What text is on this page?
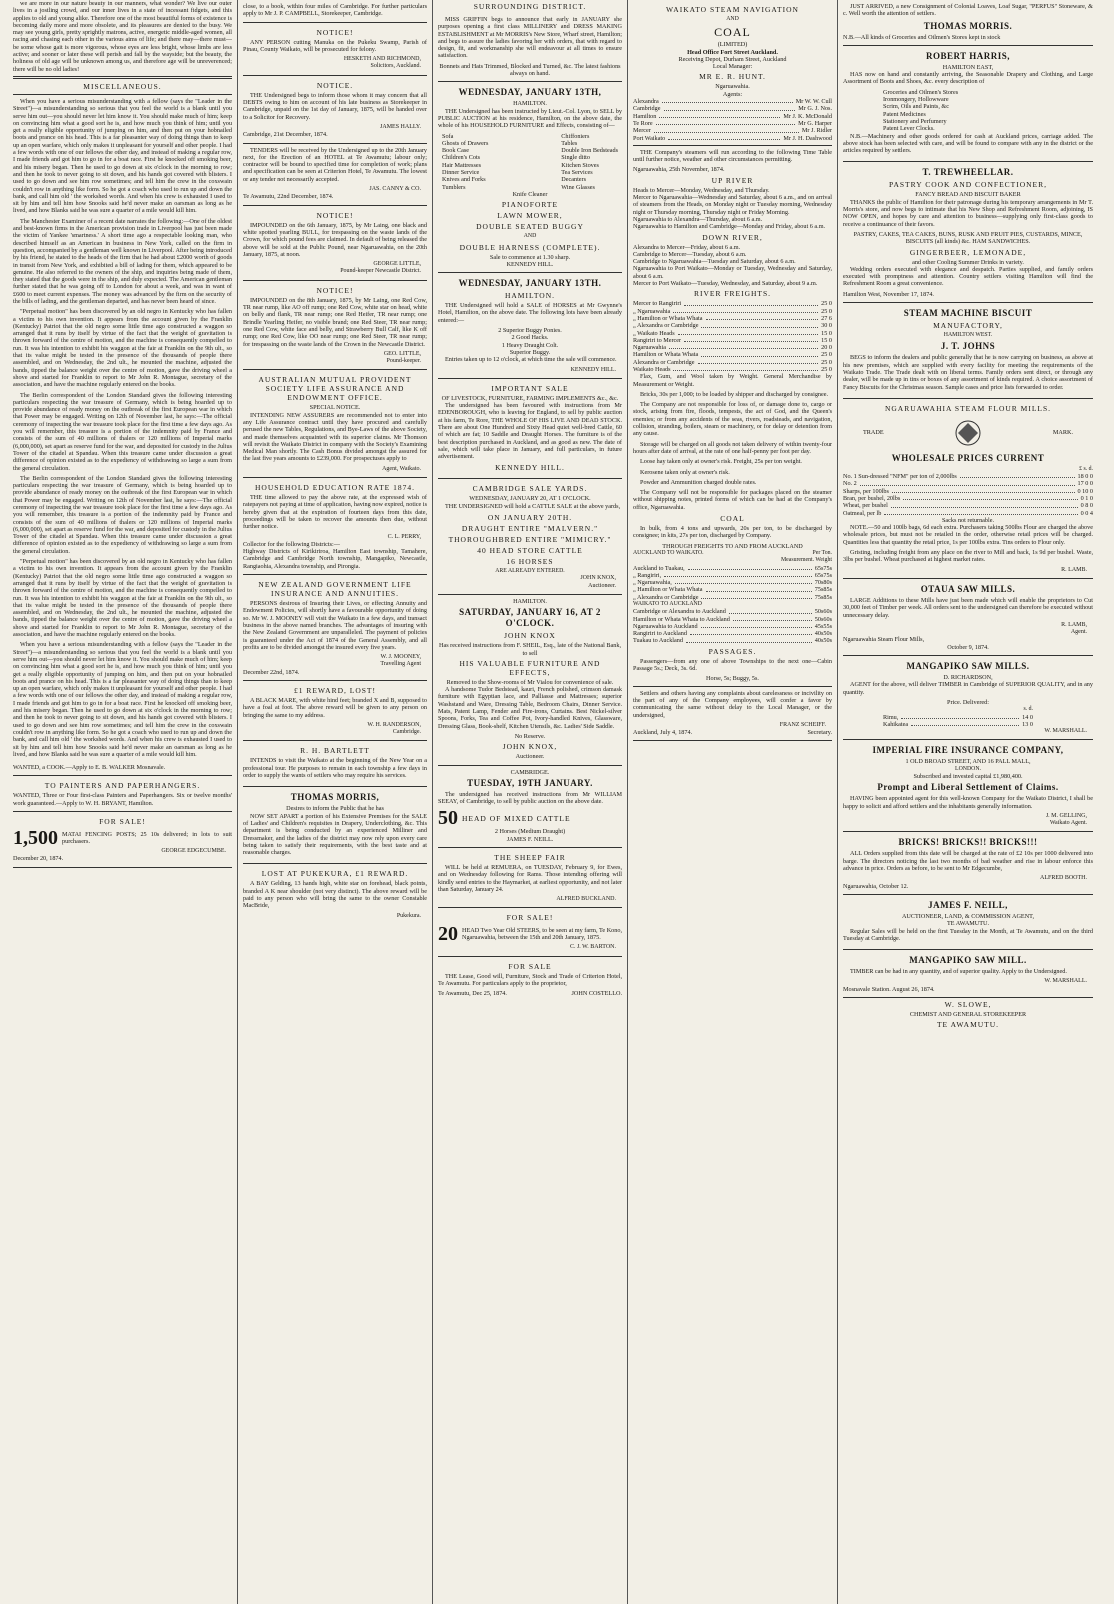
we are more in our nature beauty in our manners, what wonder? We live our outer lives in a jostling crowd, and our inner lives in a state of incessant fidgets, and this applies to old and young alike. Therefore one of the most beautiful forms of existence is becoming daily more and more obsolete, and its pleasures are denied to the busy. We may see young girls, pretty sprightly matrons, active, energetic middle-aged women, all racing and chasing each other in the various aims of life; and there may—there must—be some whose gait is more vigorous, whose eyes are less bright, whose limbs are less active; and sooner or later these will perish and fall by the wayside; but the beauty, the holiness of old age will be unknown among us, and therefore age will be unreverenced; there will be no old ladies!

MISCELLANEOUS.

When you have a serious misunderstanding with a fellow (says the "Leader in the Street")—a misunderstanding so serious that you feel the world is a blank until you serve him out—you should never let him know it. You should make much of him; keep on convincing him what a good sort he is, and how much you think of him; until you get a really eligible opportunity of jumping on him, and then put on your hobnailed boots and prance on his head. This is a far pleasanter way of doing things than to keep up an open warfare, which only makes it unpleasant for yourself and other people. I had a few words with one of our fellows the other day, and instead of making a regular row, I made friends and got him to go in for a boat race. First he knocked off smoking beer, and his misery began. Then he used to go down at six o'clock in the morning to row; and then he took to never going to sit down, and his hands got covered with blisters. I used to go down and see him row sometimes; and tell him the crew in the coxswain couldn't row in anything like form. So he got a coach who used to run up and down the bank, and call him old ' the workshed words. And when his crew is exhausted I used to sit by him and tell him how Snooks said he'd never make an oarsman as long as he lived, and how Blanks said he was sure a quarter of a mile would kill him.

The Manchester Examiner of a recent date narrates the following:—One of the oldest and best-known firms in the American provision trade in Liverpool has just been made the victim of Yankee 'smartness.' A short time ago a respectable looking man, who described himself as an American in business in New York, called on the firm in question, accompanied by a gentleman well known in Liverpool. After being introduced by his friend, he stated to the heads of the firm that he had about £2000 worth of goods in transit from New York, and exhibited a bill of lading for them, which appeared to be genuine. He also referred to the owners of the ship, and inquiries being made of them, they stated that the goods were in the ship, and duly expected. The American gentleman further stated that he was going off to London for about a week, and was in want of £600 to meet current expenses. The money was advanced by the firm on the security of the bills of lading, and the gentleman departed, and has never been heard of since.

"Perpetual motion" has been discovered by an old negro in Kentucky who has fallen a victim to his own invention. It appears from the account given by the Franklin (Kentucky) Patriot that the old negro some little time ago constructed a waggon so arranged that it runs by itself by virtue of the fact that the weight of gravitation is thrown forward of the centre of motion, and the machine is consequently compelled to run. It was his intention to exhibit his waggon at the fair at Franklin on the 9th ult., so that its value might be tested in the presence of the thousands of people there assembled, and on Wednesday, the 2nd ult., he mounted the machine, adjusted the bands, tipped the balance weight over the centre of motion, gave the driving wheel a shove and started for Franklin to report to Mr John R. Montague, secretary of the association, and have the machine regularly entered on the books.

The Berlin correspondent of the London Standard gives the following interesting particulars respecting the war treasure of Germany, which is being hoarded up to provide abundance of ready money on the outbreak of the first European war in which that Power may be engaged. Writing on 12th of November last, he says:—The official ceremony of inspecting the war treasure took place for the first time a few days ago. As you will remember, this treasure is a portion of the indemnity paid by France and consists of the sum of 40 millions of thalers or 120 millions of Imperial marks (6,000,000), set apart as reserve fund for the war, and deposited for custody in the Julius Tower of the citadel at Spandau. When this treasure came under discussion a great difference of opinion existed as to the expediency of withdrawing so large a sum from the general circulation.

The Berlin correspondent of the London Standard gives the following interesting particulars respecting the war treasure of Germany, which is being hoarded up to provide abundance of ready money on the outbreak of the first European war in which that Power may be engaged. Writing on 12th of November last, he says:—The official ceremony of inspecting the war treasure took place for the first time a few days ago. As you will remember, this treasure is a portion of the indemnity paid by France and consists of the sum of 40 millions of thalers or 120 millions of Imperial marks (6,000,000), set apart as reserve fund for the war, and deposited for custody in the Julius Tower of the citadel at Spandau. When this treasure came under discussion a great difference of opinion existed as to the expediency of withdrawing so large a sum from the general circulation.

"Perpetual motion" has been discovered by an old negro in Kentucky who has fallen a victim to his own invention. It appears from the account given by the Franklin (Kentucky) Patriot that the old negro some little time ago constructed a waggon so arranged that it runs by itself by virtue of the fact that the weight of gravitation is thrown forward of the centre of motion, and the machine is consequently compelled to run. It was his intention to exhibit his waggon at the fair at Franklin on the 9th ult., so that its value might be tested in the presence of the thousands of people there assembled, and on Wednesday, the 2nd ult., he mounted the machine, adjusted the bands, tipped the balance weight over the centre of motion, gave the driving wheel a shove and started for Franklin to report to Mr John R. Montague, secretary of the association, and have the machine regularly entered on the books.

When you have a serious misunderstanding with a fellow (says the "Leader in the Street")—a misunderstanding so serious that you feel the world is a blank until you serve him out—you should never let him know it. You should make much of him; keep on convincing him what a good sort he is, and how much you think of him; until you get a really eligible opportunity of jumping on him, and then put on your hobnailed boots and prance on his head. This is a far pleasanter way of doing things than to keep up an open warfare, which only makes it unpleasant for yourself and other people. I had a few words with one of our fellows the other day, and instead of making a regular row, I made friends and got him to go in for a boat race. First he knocked off smoking beer, and his misery began. Then he used to go down at six o'clock in the morning to row; and then he took to never going to sit down, and his hands got covered with blisters. I used to go down and see him row sometimes; and tell him the crew in the coxswain couldn't row in anything like form. So he got a coach who used to run up and down the bank, and call him old ' the workshed words. And when his crew is exhausted I used to sit by him and tell him how Snooks said he'd never make an oarsman as long as he lived, and how Blanks said he was sure a quarter of a mile would kill him.

WANTED, a COOK.—Apply to E. B. WALKER Mosnavale.
TO PAINTERS AND PAPERHANGERS.
WANTED, Three or Four first-class Painters and Paperhangers. Six or twelve months' work guaranteed.—Apply to W. H. BRYANT, Hamilton.
FOR SALE!
1,500 MATAI FENCING POSTS; 25 10s delivered; in lots to suit purchasers.
GEORGE EDGECUMBE.
December 20, 1874.
close, to a book, within four miles of Cambridge. For further particulars apply to Mr J. P. CAMPBELL, Storekeeper, Cambridge.
NOTICE!

ANY PERSON cutting Manuka on the Pukeku Swamp, Parish of Pinau, County Waikato, will be prosecuted for felony.

HESKETH AND RICHMOND,
Solicitors, Auckland.
NOTICE.

THE Undersigned begs to inform those whom it may concern that all DEBTS owing to him on account of his late business as Storekeeper in Cambridge, unpaid on the 1st day of January, 1875, will be handed over to a Solicitor for Recovery.

JAMES HALLY.
Cambridge, 21st December, 1874.

TENDERS will be received by the Undersigned up to the 20th January next, for the Erection of an HOTEL at Te Awamutu; labour only; contractor will be bound to specified time for completion of work; plans and specification can be seen at Criterion Hotel, Te Awamutu. The lowest or any tender not necessarily accepted.

JAS. CANNY & CO.
Te Awamutu, 22nd December, 1874.
NOTICE!

IMPOUNDED on the 6th January, 1875, by Mr Laing, one black and white spotted yearling BULL, for trespassing on the waste lands of the Crown, for which pound fees are claimed. In default of being released the above will be sold at the Public Pound, near Ngaruawahia, on the 20th January, 1875, at noon.

GEORGE LITTLE,
Pound-keeper Newcastle District.
NOTICE!

IMPOUNDED on the 8th January, 1875, by Mr Laing, one Red Cow, TR near rump, like AO off rump; one Red Cow, white star on head, white on belly and flank, TR near rump; one Red Heifer, TR near rump; one Brindle Yearling Heifer, no visible brand; one Red Steer, TR near rump; one Red Cow, white face and belly, and Strawberry Bull Calf, like K off rump; one Red Cow, like OO near rump; one Red Steer, TR near rump; for trespassing on the waste lands of the Crown in the Newcastle District.

GEO. LITTLE,
Pound-keeper.
AUSTRALIAN MUTUAL PROVIDENT SOCIETY LIFE ASSURANCE AND ENDOWMENT OFFICE.
SPECIAL NOTICE.

INTENDING NEW ASSURERS are recommended not to enter into any Life Assurance contract until they have procured and carefully perused the new Tables, Regulations, and Bye-Laws of the above Society, and made themselves acquainted with its superior claims. Mr Thomson will revisit the Waikato District in company with the Society's Examining Medical Man shortly. The Cash Bonus divided amongst the assured for the last five years amounts to £239,000. For prospectuses apply to

Agent, Waikato.
HOUSEHOLD EDUCATION RATE 1874.

THE time allowed to pay the above rate, at the expressed wish of ratepayers not paying at time of application, having now expired, notice is hereby given that at the expiration of fourteen days from this date, proceedings will be taken to recover the amounts then due, without further notice.

C. L. PERRY,
Collector for the following Districts:—
Highway Districts of Kirikiriroa, Hamilton East township, Tamahere, Cambridge and Cambridge North township, Mangapiko, Newcastle, Rangiaohia, Alexandra township, and Pirongia.
NEW ZEALAND GOVERNMENT LIFE INSURANCE AND ANNUITIES.

PERSONS desirous of Insuring their Lives, or effecting Annuity and Endowment Policies, will shortly have a favourable opportunity of doing so. Mr W. J. MOONEY will visit the Waikato in a few days, and transact business in the above named branches. The advantages of insuring with the New Zealand Government are unparalleled. The payment of policies is guaranteed under the Act of 1874 of the General Assembly, and all profits are to be divided amongst the insured every five years.

W. J. MOONEY,
Travelling Agent
December 22nd, 1874.
£1 REWARD, LOST!

A BLACK MARE, with white hind feet; branded X and B, supposed to have a foal at foot. The above reward will be given to any person on bringing the same to my address.

W. H. RANDERSON,
Cambridge.
R. H. BARTLETT

INTENDS to visit the Waikato at the beginning of the New Year on a professional tour. He purposes to remain in each township a few days in order to supply the wants of settlers who may require his services.

THOMAS MORRIS,
Desires to inform the Public that he has

NOW SET APART a portion of his Extensive Premises for the SALE of Ladies' and Children's requisites in Drapery, Underclothing, &c. This department is being conducted by an experienced Milliner and Dressmaker, and the ladies of the district may now rely upon every care being taken to satisfy their requirements, with the best taste and at reasonable charges.

LOST AT PUKEKURA, £1 REWARD.

A BAY Gelding, 13 hands high, white star on forehead, black points, branded A K near shoulder (not very distinct). The above reward will be paid to any person who will bring the same to the owner Constable MacBride,

Pukekura.
SURROUNDING DISTRICT.

MISS GRIFFIN begs to announce that early in JANUARY she purposes opening a first class MILLINERY and DRESS MAKING ESTABLISHMENT at Mr MORRIS's New Store, Wharf street, Hamilton; and begs to assure the ladies favoring her with orders, that with regard to design, fit, and workmanship she will endeavour at all times to ensure satisfaction.

Bonnets and Hats Trimmed, Blocked and Turned, &c. The latest fashions always on hand.
WEDNESDAY, JANUARY 13TH,
HAMILTON.

THE Undersigned has been instructed by Lieut.-Col. Lyon, to SELL by PUBLIC AUCTION at his residence, Hamilton, on the above date, the whole of his HOUSEHOLD FURNITURE and Effects, consisting of—

Sofa
Ghosts of Drawers
Book Case
Children's Cots
Hair Mattresses
Dinner Service
Knives and Forks
Tumblers
Chiffoniers
Tables
Double Iron Bedsteads
Single ditto
Kitchen Stoves
Tea Services
Decanters
Wine Glasses
Knife Cleaner
PIANOFORTE
LAWN MOWER,
DOUBLE SEATED BUGGY
AND
DOUBLE HARNESS (COMPLETE).
Sale to commence at 1.30 sharp.
KENNEDY HILL.
WEDNESDAY, JANUARY 13TH.
HAMILTON.

THE Undersigned will hold a SALE of HORSES at Mr Gwynne's Hotel, Hamilton, on the above date. The following lots have been already entered:—

2 Superior Buggy Ponies.
2 Good Hacks.
1 Heavy Draught Colt.
Superior Buggy.

Entries taken up to 12 o'clock, at which time the sale will commence.

KENNEDY HILL.
IMPORTANT SALE
OF LIVESTOCK, FURNITURE, FARMING IMPLEMENTS &c., &c.

The undersigned has been favoured with instructions from Mr EDENBOROUGH, who is leaving for England, to sell by public auction at his farm, Te Rore, THE WHOLE OF HIS LIVE AND DEAD STOCK. There are about One Hundred and Sixty Head quiet well-bred Cattle, 60 of which are fat; 10 Saddle and Draught Horses. The furniture is of the best description purchased in Auckland, and as good as new. The date of sale, which will take place in January, and full particulars, in future advertisement.

KENNEDY HILL.
CAMBRIDGE SALE YARDS.
WEDNESDAY, JANUARY 20, AT 1 O'CLOCK.

THE UNDERSIGNED will hold a CATTLE SALE at the above yards,

ON JANUARY 20TH.
DRAUGHT ENTIRE "MALVERN."
THOROUGHBRED ENTIRE "MIMICRY."
40 HEAD STORE CATTLE
16 HORSES
ARE ALREADY ENTERED.
JOHN KNOX,
Auctioneer.
HAMILTON.
SATURDAY, JANUARY 16, AT 2 O'CLOCK.
JOHN KNOX
Has received instructions from F. SHEIL, Esq., late of the National Bank, to sell
HIS VALUABLE FURNITURE AND EFFECTS,
Removed to the Show-rooms of Mr Vialou for convenience of sale.

A handsome Tudor Bedstead, kauri, French polished, crimson damask furniture with Egyptian lace, and Palliasse and Mattresses; superior Washstand and Ware, Dressing Table, Bedroom Chairs, Dinner Service. Mats, Patent Lamp, Fender and Fire-irons, Curtains. Best Nickel-silver Spoons, Forks, Tea and Coffee Pot, Ivory-handled Knives, Glassware, Dressing Glass, Book-shelf, Kitchen Utensils, &c. Ladies' Side Saddle.

No Reserve.
JOHN KNOX,
Auctioneer.
CAMBRIDGE.
TUESDAY, 19TH JANUARY.

The undersigned has received instructions from Mr WILLIAM SEEAY, of Cambridge, to sell by public auction on the above date.

50 HEAD OF MIXED CATTLE
2 Horses (Medium Draught)
JAMES F. NEILL.
THE SHEEP FAIR

WILL be held at REMUERA, on TUESDAY, February 9, for Ewes, and on Wednesday following for Rams. Those intending offering will kindly send entries to the Haymarket, at earliest opportunity, and not later than Saturday, January 24.

ALFRED BUCKLAND.
FOR SALE!
20 HEAD Two Year Old STEERS, to be seen at my farm, Te Kono, Ngaruawahia, between the 15th and 20th January, 1875.
C. J. W. BARTON.
FOR SALE

THE Lease, Good will, Furniture, Stock and Trade of Criterion Hotel, Te Awamutu. For particulars apply to the proprietor,

Te Awamutu, Dec 25, 1874.	JOHN COSTELLO.
WAIKATO STEAM NAVIGATION
AND
COAL
(LIMITED)
Head Office Fort Street Auckland.
Receiving Depot, Durham Street, Auckland
Local Manager:
MR E. R. HUNT.
Ngaruawahia.
Agents:
Alexandra	Mr W. W. Cull
Cambridge	Mr G. J. Nos.
Hamilton	Mr J. K. McDonald
Te Rore	Mr G. Harper
Mercer	Mr J. Ridler
Port Waikato	Mr J. H. Dashwood

THE Company's steamers will run according to the following Time Table until further notice, weather and other circumstances permitting.

Ngaruawahia, 25th November, 1874.
UP RIVER
Heads to Mercer—Monday, Wednesday, and Thursday.
Mercer to Ngaruawahia—Wednesday and Saturday, about 6 a.m., and on arrival of steamers from the Heads, on Monday night or Tuesday morning, Wednesday night or Thursday morning, Thursday night or Friday Morning.
Ngaruawahia to Alexandra—Thursday, about 6 a.m.
Ngaruawahia to Hamilton and Cambridge—Monday and Friday, about 6 a.m.
DOWN RIVER,
Alexandra to Mercer—Friday, about 6 a.m.
Cambridge to Mercer—Tuesday, about 6 a.m.
Cambridge to Ngaruawahia—Tuesday and Saturday, about 6 a.m.
Ngaruawahia to Port Waikato—Monday or Tuesday, Wednesday and Saturday, about 6 a.m.
Mercer to Port Waikato—Tuesday, Wednesday, and Saturday, about 9 a.m.
RIVER FREIGHTS.
Mercer to Rangiriri	25 0
„ Ngaruawahia	25 0
„ Hamilton or Whata Whata	27 6
„ Alexandra or Cambridge	30 0
„ Waikato Heads	15 0
Rangiriri to Mercer	15 0
Ngaruawahia	20 0
Hamilton or Whata Whata	25 0
Alexandra or Cambridge	25 0
Waikato Heads	25 0

Flax, Gum, and Wool taken by Weight. General Merchandise by Measurement or Weight.

Bricks, 30s per 1,000; to be loaded by shipper and discharged by consignee.

The Company are not responsible for loss of, or damage done to, cargo or stock, arising from fire, floods, tempests, the act of God, and the Queen's enemies; or from any accidents of the seas, rivers, roadsteads, and navigation, collision, stranding, boilers, steam or machinery, or for delay or detention from any cause.

Storage will be charged on all goods not taken delivery of within twenty-four hours after date of arrival, at the rate of one half-penny per foot per day.

Loose hay taken only at owner's risk. Freight, 25s per ton weight.

Kerosene taken only at owner's risk.

Powder and Ammunition charged double rates.

The Company will not be responsible for packages placed on the steamer without shipping notes, printed forms of which can be had at the Company's office, Ngaruawahia.

COAL

In bulk, from 4 tons and upwards, 20s per ton, to be discharged by consignee; in kits, 27s per ton, discharged by Company.

THROUGH FREIGHTS TO AND FROM AUCKLAND
AUCKLAND TO WAIKATO.	Per Ton.
Measurement. Weight
Auckland to Tuakau,	65s 75s
„ Rangiriri,	65s 75s
„ Ngaruawahia,	70s 80s
„ Hamilton or Whata Whata	75s 85s
„ Alexandra or Cambridge	75s 85s
WAIKATO TO AUCKLAND
Cambridge or Alexandra to Auckland	50s 60s
Hamilton or Whata Whata to Auckland	50s 60s
Ngaruawahia to Auckland	45s 55s
Rangiriri to Auckland	40s 50s
Tuakau to Auckland	40s 50s
PASSAGES.

Passengers—from any one of above Townships to the next one—Cabin Passage 5s.; Deck, 3s. 6d.

Horse, 5s; Buggy, 5s.

Settlers and others having any complaints about carelessness or incivility on the part of any of the Company employees, will confer a favor by communicating the same without delay to the Local Manager, or the undersigned,

FRANZ SCHEIFF.
Auckland, July 4, 1874.	Secretary.

JUST ARRIVED, a new Consignment of Colonial Loaves, Loaf Sugar, "PERFUS" Stoneware, & c. Well worth the attention of settlers.

THOMAS MORRIS.
N.B.—All kinds of Groceries and Oilmen's Stores kept in stock
ROBERT HARRIS,
HAMILTON EAST,

HAS now on hand and constantly arriving, the Seasonable Drapery and Clothing, and Large Assortment of Boots and Shoes, &c. every description of

Groceries and Oilmen's Stores
Ironmongery, Hollowware
Scrim, Oils and Paints, &c
Patent Medicines
Stationery and Perfumery
Patent Lever Clocks.

N.B.—Machinery and other goods ordered for cash at Auckland prices, carriage added. The above stock has been selected with care, and will be found to compare with any in the district or the articles required by settlers.

T. TREWHEELLAR.
PASTRY COOK AND CONFECTIONER,
FANCY BREAD AND BISCUIT BAKER

THANKS the public of Hamilton for their patronage during his temporary arrangements in Mr T. Morris's store, and now begs to intimate that his New Shop and Refreshment Room, adjoining, IS NOW OPEN, and hopes by care and attention to business—supplying only first-class goods to receive a continuance of their favors.

PASTRY, CAKES, TEA CAKES, BUNS, RUSK AND FRUIT PIES, CUSTARDS, MINCE, BISCUITS (all kinds) &c. HAM SANDWICHES.
GINGERBEER, LEMONADE,
and other Cooling Summer Drinks in variety.

Wedding orders executed with elegance and despatch. Parties supplied, and family orders executed with promptness and attention. Country settlers visiting Hamilton will find the Refreshment Room a great convenience.

Hamilton West, November 17, 1874.
STEAM MACHINE BISCUIT
MANUFACTORY,
HAMILTON WEST.
J. T. JOHNS

BEGS to inform the dealers and public generally that he is now carrying on business, as above at his new premises, which are supplied with every facility for meeting the requirements of the Waikato Trade. The Trade dealt with on liberal terms. Family orders sent direct, or through any dealer, will be made up in tins or boxes of any assortment of kinds required. A choice assortment of Fancy Biscuits for the Christmas season. Sample cases and price lists forwarded to order.

NGARUAWAHIA STEAM FLOUR MILLS.
TRADE	MARK.
WHOLESALE PRICES CURRENT
£ s. d.
No. 1 Sun-dressed "NFM" per ton of 2,000lbs	18 0 0
No. 2	17 0 0
Sharps, per 100lbs	0 10 0
Bran, per bushel, 20lbs	0 1 0
Wheat, per bushel	0 8 0
Oatmeal, per lb	0 0 4
Sacks not returnable.

NOTE.—50 and 100lb bags, 6d each extra. Purchasers taking 500lbs Flour are charged the above wholesale prices, but must not be retailed in the order, otherwise retail prices will be charged. Quantities less that quantity the retail price, 1s per 100lbs extra. Tins orders to Flour only.

Gristing, including freight from any place on the river to Mill and back, 1s 9d per bushel. Waste, 3lbs per bushel. Wheat purchased at highest market rates.

R. LAMB.
OTAUA SAW MILLS.

LARGE Additions to these Mills have just been made which will enable the proprietors to Cut 30,000 feet of Timber per week. All orders sent to the undersigned can therefore be executed without unnecessary delay.

R. LAMB,
Agent.
Ngaruawahia Steam Flour Mills,
October 9, 1874.
MANGAPIKO SAW MILLS.
D. RICHARDSON,

AGENT for the above, will deliver TIMBER in Cambridge of SUPERIOR QUALITY, and in any quantity.

Price. Delivered:
s. d.
Rimu,	14 0
Kahikatea	13 0
W. MARSHALL.
IMPERIAL FIRE INSURANCE COMPANY,
1 OLD BROAD STREET, AND 16 PALL MALL,
LONDON.
Subscribed and invested capital £1,980,400.
Prompt and Liberal Settlement of Claims.

HAVING been appointed agent for this well-known Company for the Waikato District, I shall be happy to solicit and afford settlers and the inhabitants generally information.

J. M. GELLING,
Waikato Agent.
BRICKS! BRICKS!! BRICKS!!!

ALL Orders supplied from this date will be charged at the rate of £2 10s per 1000 delivered into barge. The directors noticing the last two months of bad weather and rise in labour enforce this advance in price. Orders as before, to be sent to Mr Edgecumbe,

ALFRED BOOTH.
Ngaruawahia, October 12.
JAMES F. NEILL,
AUCTIONEER, LAND, & COMMISSION AGENT,
TE AWAMUTU.

Regular Sales will be held on the first Tuesday in the Month, at Te Awamutu, and on the third Tuesday at Cambridge.

MANGAPIKO SAW MILL.

TIMBER can be had in any quantity, and of superior quality. Apply to the Undersigned.

W. MARSHALL.
Mosnavale Station. August 26, 1874.
W. SLOWE,
CHEMIST AND GENERAL STOREKEEPER
TE AWAMUTU.
